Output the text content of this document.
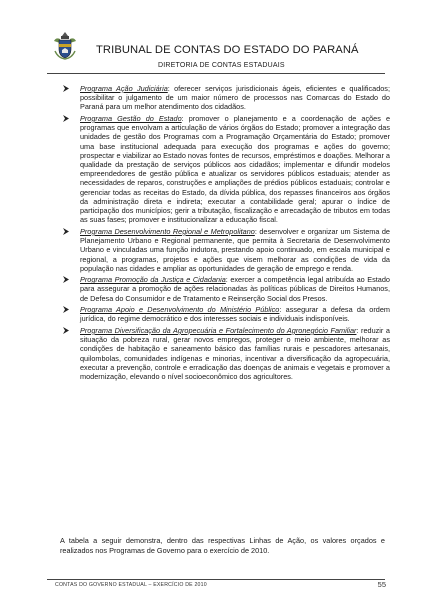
TRIBUNAL DE CONTAS DO ESTADO DO PARANÁ
DIRETORIA DE CONTAS ESTADUAIS
Programa Ação Judiciária: oferecer serviços jurisdicionais ágeis, eficientes e qualificados; possibilitar o julgamento de um maior número de processos nas Comarcas do Estado do Paraná para um melhor atendimento dos cidadãos.
Programa Gestão do Estado: promover o planejamento e a coordenação de ações e programas que envolvam a articulação de vários órgãos do Estado; promover a integração das unidades de gestão dos Programas com a Programação Orçamentária do Estado; promover uma base institucional adequada para execução dos programas e ações do governo; prospectar e viabilizar ao Estado novas fontes de recursos, empréstimos e doações. Melhorar a qualidade da prestação de serviços públicos aos cidadãos; implementar e difundir modelos empreendedores de gestão pública e atualizar os servidores públicos estaduais; atender as necessidades de reparos, construções e ampliações de prédios públicos estaduais; controlar e gerenciar todas as receitas do Estado, da dívida pública, dos repasses financeiros aos órgãos da administração direta e indireta; executar a contabilidade geral; apurar o índice de participação dos municípios; gerir a tributação, fiscalização e arrecadação de tributos em todas as suas fases; promover e institucionalizar a educação fiscal.
Programa Desenvolvimento Regional e Metropolitano: desenvolver e organizar um Sistema de Planejamento Urbano e Regional permanente, que permita à Secretaria de Desenvolvimento Urbano e vinculadas uma função indutora, prestando apoio continuado, em escala municipal e regional, a programas, projetos e ações que visem melhorar as condições de vida da população nas cidades e ampliar as oportunidades de geração de emprego e renda.
Programa Promoção da Justiça e Cidadania: exercer a competência legal atribuída ao Estado para assegurar a promoção de ações relacionadas às políticas públicas de Direitos Humanos, de Defesa do Consumidor e de Tratamento e Reinserção Social dos Presos.
Programa Apoio e Desenvolvimento do Ministério Público: assegurar a defesa da ordem jurídica, do regime democrático e dos interesses sociais e individuais indisponíveis.
Programa Diversificação da Agropecuária e Fortalecimento do Agronegócio Familiar: reduzir a situação da pobreza rural, gerar novos empregos, proteger o meio ambiente, melhorar as condições de habitação e saneamento básico das famílias rurais e pescadores artesanais, quilombolas, comunidades indígenas e minorias, incentivar a diversificação da agropecuária, executar a prevenção, controle e erradicação das doenças de animais e vegetais e promover a modernização, elevando o nível socioeconômico dos agricultores.
A tabela a seguir demonstra, dentro das respectivas Linhas de Ação, os valores orçados e realizados nos Programas de Governo para o exercício de 2010.
CONTAS DO GOVERNO ESTADUAL – EXERCÍCIO DE 2010	55
